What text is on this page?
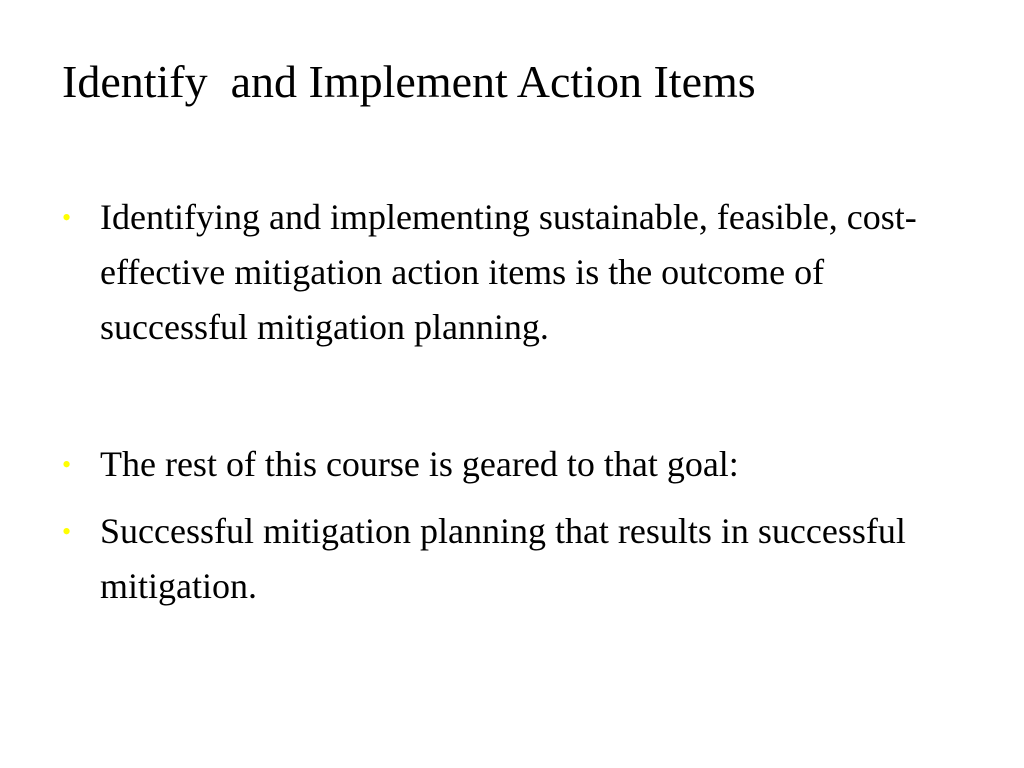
Identify  and Implement Action Items
• Identifying and implementing sustainable, feasible, cost-effective mitigation action items is the outcome of successful mitigation planning.
• The rest of this course is geared to that goal:
• Successful mitigation planning that results in successful mitigation.
